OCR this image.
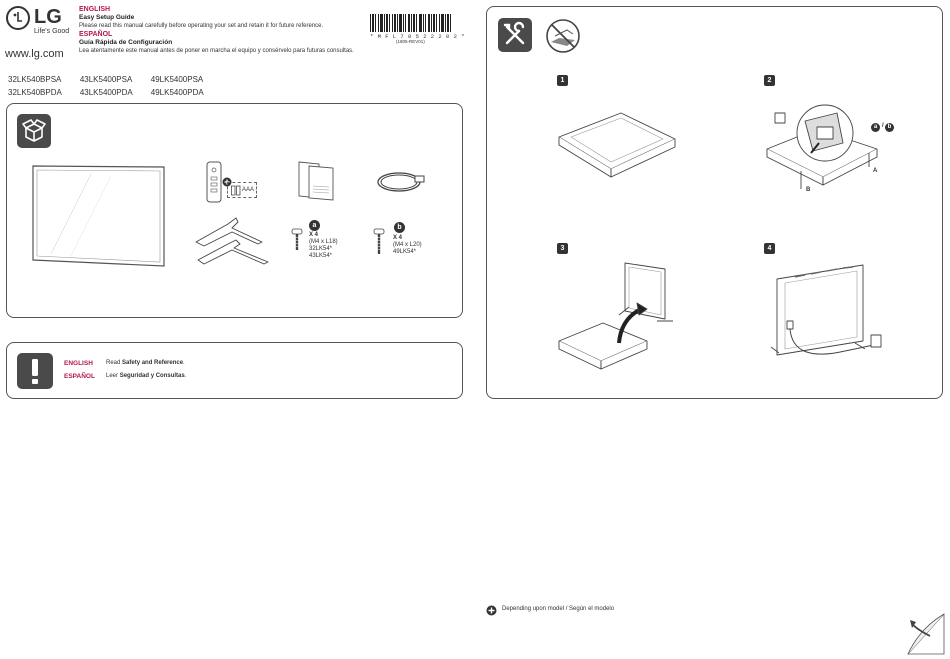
LG
Life's Good
www.lg.com
ENGLISH
Easy Setup Guide
Please read this manual carefully before operating your set and retain it for future reference.
ESPAÑOL
Guía Rápida de Configuración
Lea atentamente este manual antes de poner en marcha el equipo y consérvelo para futuras consultas.
* M F L 7 0 5 2 2 2 0 2 *
(1805-REV01)
32LK540BPSA	43LK5400PSA	49LK5400PSA
32LK540BPDA	43LK5400PDA	49LK5400PDA
AAA
a
X 4
(M4 x L18)
32LK54*
43LK54*
b
X 4
(M4 x L20)
49LK54*
ENGLISH Read Safety and Reference.
ESPAÑOL Leer Seguridad y Consultas.
1	2
a / b
A
B
3	4
Depending upon model / Según el modelo
